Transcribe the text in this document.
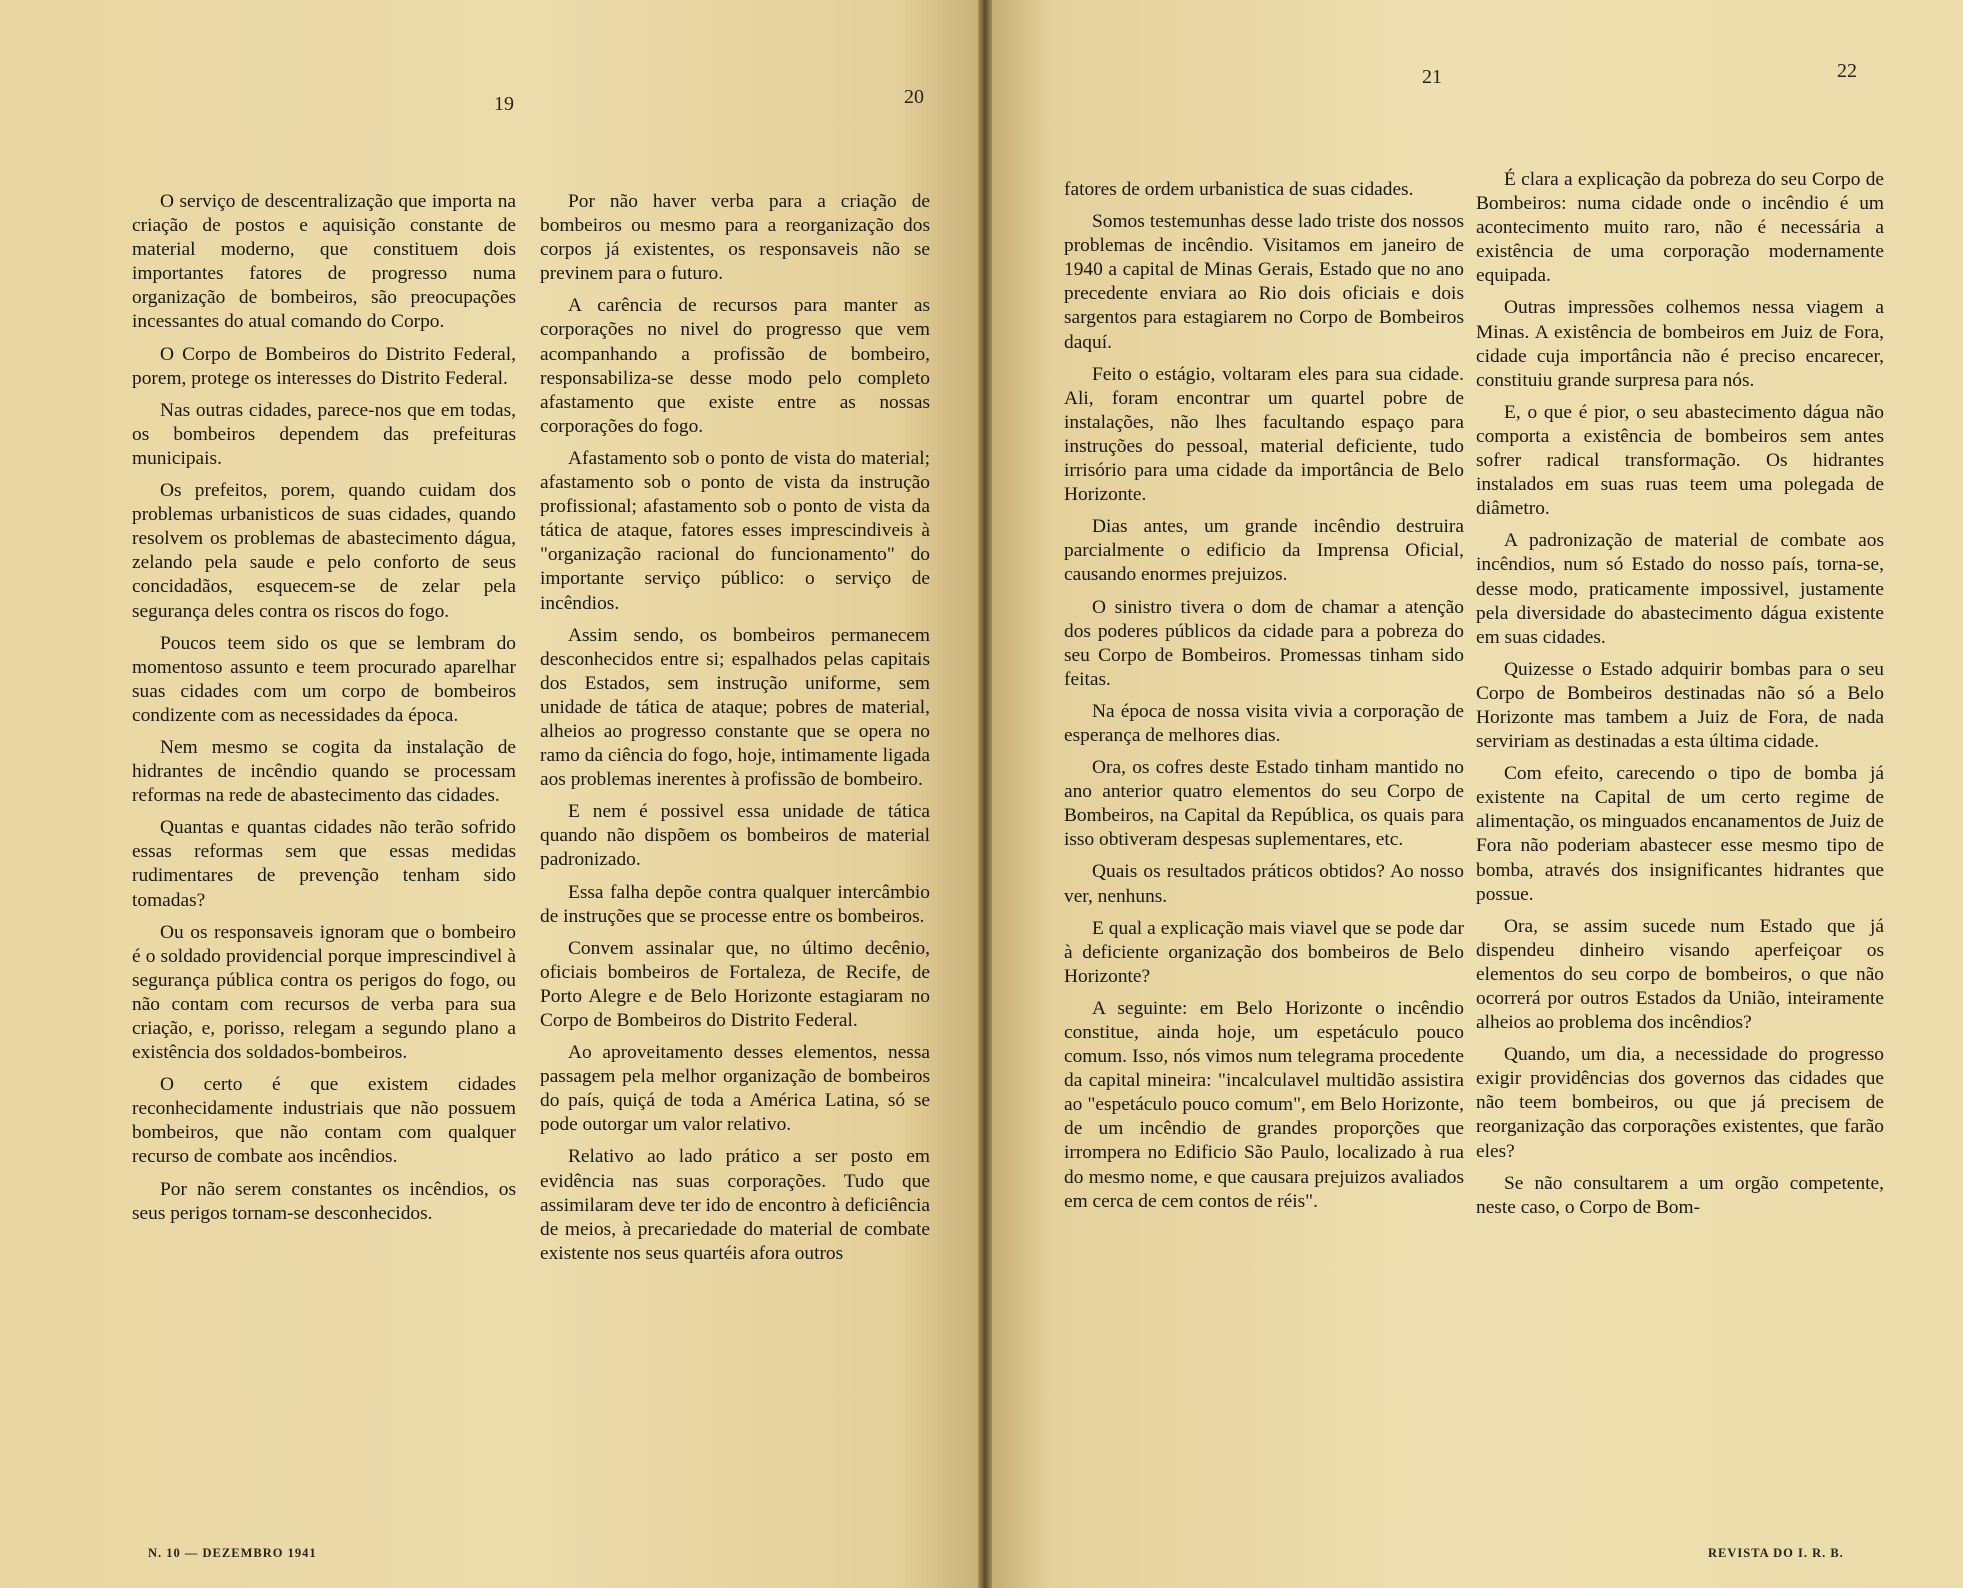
19	20

O serviço de descentralização que importa na criação de postos e aquisição constante de material moderno, que constituem dois importantes fatores de progresso numa organização de bombeiros, são preocupações incessantes do atual comando do Corpo.

O Corpo de Bombeiros do Distrito Federal, porem, protege os interesses do Distrito Federal.

Nas outras cidades, parece-nos que em todas, os bombeiros dependem das prefeituras municipais.

Os prefeitos, porem, quando cuidam dos problemas urbanisticos de suas cidades, quando resolvem os problemas de abastecimento dágua, zelando pela saude e pelo conforto de seus concidadãos, esquecem-se de zelar pela segurança deles contra os riscos do fogo.

Poucos teem sido os que se lembram do momentoso assunto e teem procurado aparelhar suas cidades com um corpo de bombeiros condizente com as necessidades da época.

Nem mesmo se cogita da instalação de hidrantes de incêndio quando se processam reformas na rede de abastecimento das cidades.

Quantas e quantas cidades não terão sofrido essas reformas sem que essas medidas rudimentares de prevenção tenham sido tomadas?

Ou os responsaveis ignoram que o bombeiro é o soldado providencial porque imprescindivel à segurança pública contra os perigos do fogo, ou não contam com recursos de verba para sua criação, e, porisso, relegam a segundo plano a existência dos soldados-bombeiros.

O certo é que existem cidades reconhecidamente industriais que não possuem bombeiros, que não contam com qualquer recurso de combate aos incêndios.

Por não serem constantes os incêndios, os seus perigos tornam-se desconhecidos.

Por não haver verba para a criação de bombeiros ou mesmo para a reorganização dos corpos já existentes, os responsaveis não se previnem para o futuro.

A carência de recursos para manter as corporações no nivel do progresso que vem acompanhando a profissão de bombeiro, responsabiliza-se desse modo pelo completo afastamento que existe entre as nossas corporações do fogo.

Afastamento sob o ponto de vista do material; afastamento sob o ponto de vista da instrução profissional; afastamento sob o ponto de vista da tática de ataque, fatores esses imprescindiveis à "organização racional do funcionamento" do importante serviço público: o serviço de incêndios.

Assim sendo, os bombeiros permanecem desconhecidos entre si; espalhados pelas capitais dos Estados, sem instrução uniforme, sem unidade de tática de ataque; pobres de material, alheios ao progresso constante que se opera no ramo da ciência do fogo, hoje, intimamente ligada aos problemas inerentes à profissão de bombeiro.

E nem é possivel essa unidade de tática quando não dispõem os bombeiros de material padronizado.

Essa falha depõe contra qualquer intercâmbio de instruções que se processe entre os bombeiros.

Convem assinalar que, no último decênio, oficiais bombeiros de Fortaleza, de Recife, de Porto Alegre e de Belo Horizonte estagiaram no Corpo de Bombeiros do Distrito Federal.

Ao aproveitamento desses elementos, nessa passagem pela melhor organização de bombeiros do país, quiçá de toda a América Latina, só se pode outorgar um valor relativo.

Relativo ao lado prático a ser posto em evidência nas suas corporações. Tudo que assimilaram deve ter ido de encontro à deficiência de meios, à precariedade do material de combate existente nos seus quartéis afora outros

N. 10 — DEZEMBRO 1941
21	22

fatores de ordem urbanistica de suas cidades.

Somos testemunhas desse lado triste dos nossos problemas de incêndio. Visitamos em janeiro de 1940 a capital de Minas Gerais, Estado que no ano precedente enviara ao Rio dois oficiais e dois sargentos para estagiarem no Corpo de Bombeiros daquí.

Feito o estágio, voltaram eles para sua cidade. Ali, foram encontrar um quartel pobre de instalações, não lhes facultando espaço para instruções do pessoal, material deficiente, tudo irrisório para uma cidade da importância de Belo Horizonte.

Dias antes, um grande incêndio destruira parcialmente o edificio da Imprensa Oficial, causando enormes prejuizos.

O sinistro tivera o dom de chamar a atenção dos poderes públicos da cidade para a pobreza do seu Corpo de Bombeiros. Promessas tinham sido feitas.

Na época de nossa visita vivia a corporação de esperança de melhores dias.

Ora, os cofres deste Estado tinham mantido no ano anterior quatro elementos do seu Corpo de Bombeiros, na Capital da República, os quais para isso obtiveram despesas suplementares, etc.

Quais os resultados práticos obtidos? Ao nosso ver, nenhuns.

E qual a explicação mais viavel que se pode dar à deficiente organização dos bombeiros de Belo Horizonte?

A seguinte: em Belo Horizonte o incêndio constitue, ainda hoje, um espetáculo pouco comum. Isso, nós vimos num telegrama procedente da capital mineira: "incalculavel multidão assistira ao "espetáculo pouco comum", em Belo Horizonte, de um incêndio de grandes proporções que irrompera no Edificio São Paulo, localizado à rua do mesmo nome, e que causara prejuizos avaliados em cerca de cem contos de réis".

É clara a explicação da pobreza do seu Corpo de Bombeiros: numa cidade onde o incêndio é um acontecimento muito raro, não é necessária a existência de uma corporação modernamente equipada.

Outras impressões colhemos nessa viagem a Minas. A existência de bombeiros em Juiz de Fora, cidade cuja importância não é preciso encarecer, constituiu grande surpresa para nós.

E, o que é pior, o seu abastecimento dágua não comporta a existência de bombeiros sem antes sofrer radical transformação. Os hidrantes instalados em suas ruas teem uma polegada de diâmetro.

A padronização de material de combate aos incêndios, num só Estado do nosso país, torna-se, desse modo, praticamente impossivel, justamente pela diversidade do abastecimento dágua existente em suas cidades.

Quizesse o Estado adquirir bombas para o seu Corpo de Bombeiros destinadas não só a Belo Horizonte mas tambem a Juiz de Fora, de nada serviriam as destinadas a esta última cidade.

Com efeito, carecendo o tipo de bomba já existente na Capital de um certo regime de alimentação, os minguados encanamentos de Juiz de Fora não poderiam abastecer esse mesmo tipo de bomba, através dos insignificantes hidrantes que possue.

Ora, se assim sucede num Estado que já dispendeu dinheiro visando aperfeiçoar os elementos do seu corpo de bombeiros, o que não ocorrerá por outros Estados da União, inteiramente alheios ao problema dos incêndios?

Quando, um dia, a necessidade do progresso exigir providências dos governos das cidades que não teem bombeiros, ou que já precisem de reorganização das corporações existentes, que farão eles?

Se não consultarem a um orgão competente, neste caso, o Corpo de Bom-

REVISTA DO I. R. B.
